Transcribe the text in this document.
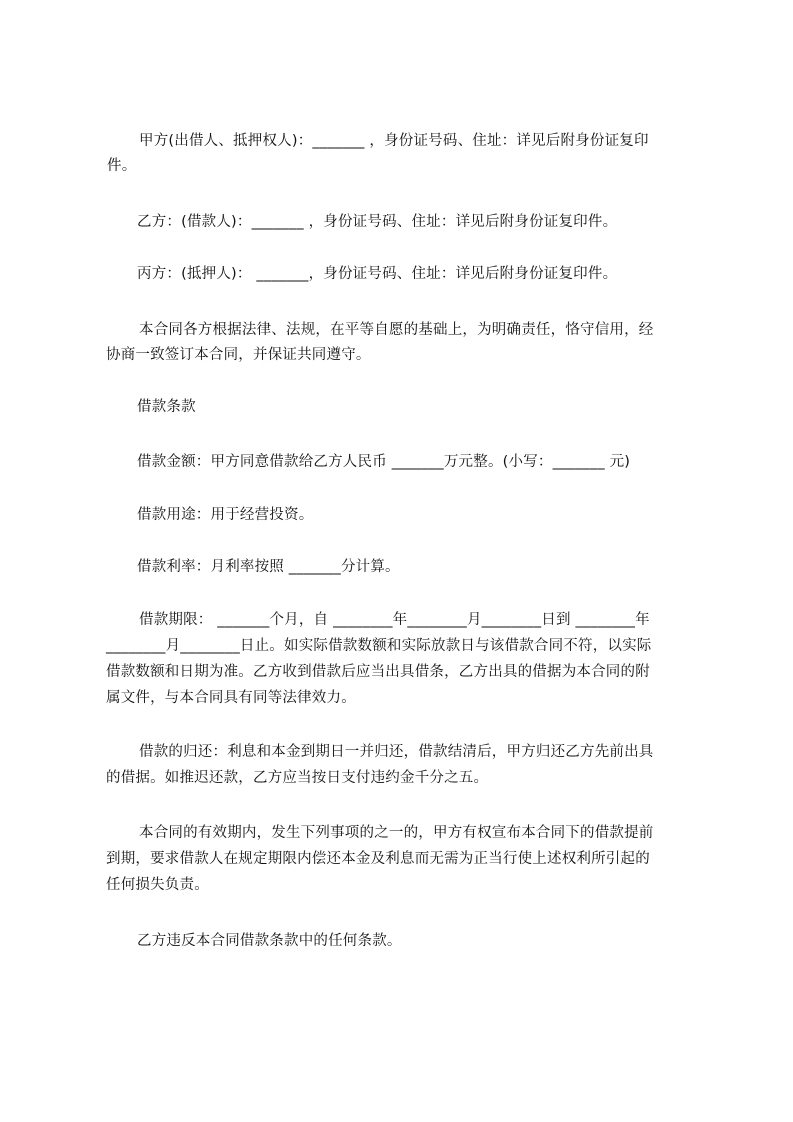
甲方(出借人、抵押权人)：_______ ，身份证号码、住址：详见后附身份证复印

件。

乙方：(借款人)：_______ ，身份证号码、住址：详见后附身份证复印件。

丙方：(抵押人)： _______，身份证号码、住址：详见后附身份证复印件。

本合同各方根据法律、法规，在平等自愿的基础上，为明确责任，恪守信用，经

协商一致签订本合同，并保证共同遵守。

借款条款

借款金额：甲方同意借款给乙方人民币 _______万元整。(小写：_______ 元)

借款用途：用于经营投资。

借款利率：月利率按照 _______分计算。

借款期限： _______个月，自 ________年________月________日到 ________年

________月________日止。如实际借款数额和实际放款日与该借款合同不符，以实际

借款数额和日期为准。乙方收到借款后应当出具借条，乙方出具的借据为本合同的附

属文件，与本合同具有同等法律效力。

借款的归还：利息和本金到期日一并归还，借款结清后，甲方归还乙方先前出具

的借据。如推迟还款，乙方应当按日支付违约金千分之五。

本合同的有效期内，发生下列事项的之一的，甲方有权宣布本合同下的借款提前

到期，要求借款人在规定期限内偿还本金及利息而无需为正当行使上述权利所引起的

任何损失负责。

乙方违反本合同借款条款中的任何条款。
